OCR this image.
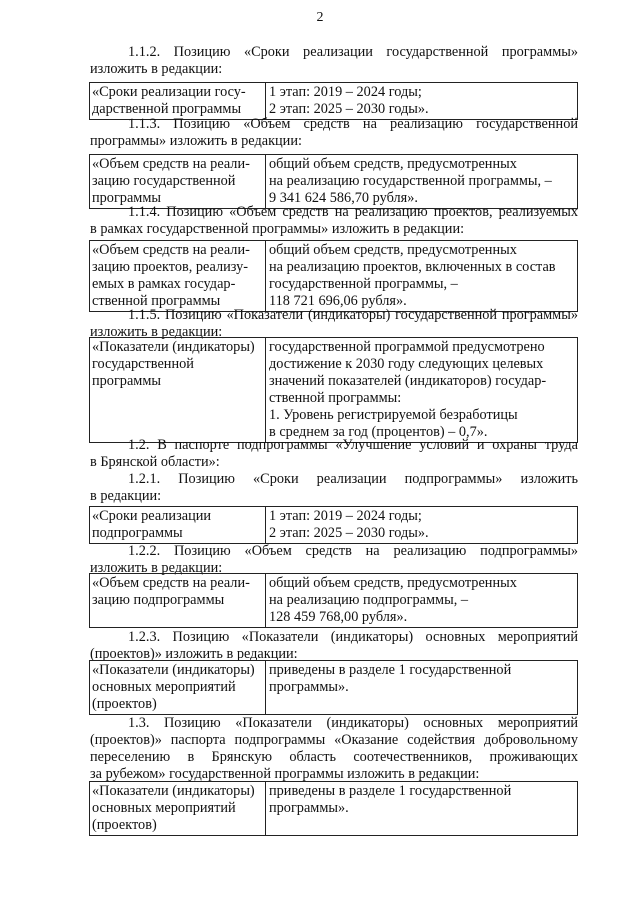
2
1.1.2. Позицию «Сроки реализации государственной программы»
изложить в редакции:
«Сроки реализации госу-
дарственной программы
1 этап: 2019 – 2024 годы;
2 этап: 2025 – 2030 годы».
1.1.3. Позицию «Объем средств на реализацию государственной
программы» изложить в редакции:
«Объем средств на реали-
зацию государственной
программы
общий объем средств, предусмотренных
на реализацию государственной программы, –
9 341 624 586,70 рубля».
1.1.4. Позицию «Объем средств на реализацию проектов, реализуемых
в рамках государственной программы» изложить в редакции:
«Объем средств на реали-
зацию проектов, реализу-
емых в рамках государ-
ственной программы
общий объем средств, предусмотренных
на реализацию проектов, включенных в состав
государственной программы, –
118 721 696,06 рубля».
1.1.5. Позицию «Показатели (индикаторы) государственной программы»
изложить в редакции:
«Показатели (индикаторы)
государственной
программы
государственной программой предусмотрено
достижение к 2030 году следующих целевых
значений показателей (индикаторов) государ-
ственной программы:
1. Уровень регистрируемой безработицы
в среднем за год (процентов) – 0,7».
1.2. В паспорте подпрограммы «Улучшение условий и охраны труда
в Брянской области»:
1.2.1. Позицию «Сроки реализации подпрограммы» изложить
в редакции:
«Сроки реализации
подпрограммы
1 этап: 2019 – 2024 годы;
2 этап: 2025 – 2030 годы».
1.2.2. Позицию «Объем средств на реализацию подпрограммы»
изложить в редакции:
«Объем средств на реали-
зацию подпрограммы
общий объем средств, предусмотренных
на реализацию подпрограммы, –
128 459 768,00 рубля».
1.2.3. Позицию «Показатели (индикаторы) основных мероприятий
(проектов)» изложить в редакции:
«Показатели (индикаторы)
основных мероприятий
(проектов)
приведены в разделе 1 государственной
программы».
1.3. Позицию «Показатели (индикаторы) основных мероприятий
(проектов)» паспорта подпрограммы «Оказание содействия добровольному
переселению в Брянскую область соотечественников, проживающих
за рубежом» государственной программы изложить в редакции:
«Показатели (индикаторы)
основных мероприятий
(проектов)
приведены в разделе 1 государственной
программы».
